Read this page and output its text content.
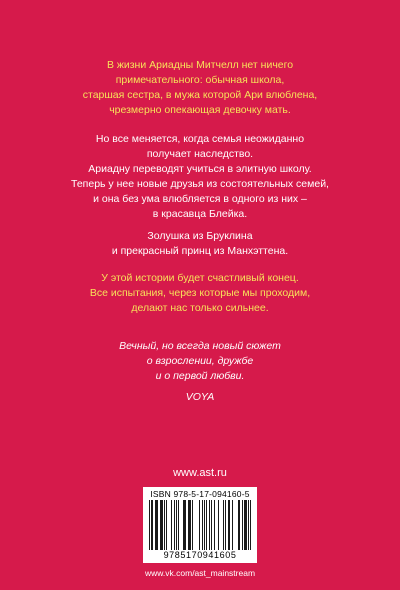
В жизни Ариадны Митчелл нет ничего
примечательного: обычная школа,
старшая сестра, в мужа которой Ари влюблена,
чрезмерно опекающая девочку мать.

Но все меняется, когда семья неожиданно
получает наследство.
Ариадну переводят учиться в элитную школу.
Теперь у нее новые друзья из состоятельных семей,
и она без ума влюбляется в одного из них –
в красавца Блейка.

Золушка из Бруклина
и прекрасный принц из Манхэттена.

У этой истории будет счастливый конец.
Все испытания, через которые мы проходим,
делают нас только сильнее.

Вечный, но всегда новый сюжет
о взрослении, дружбе
и о первой любви.

VOYA

www.ast.ru
ISBN 978-5-17-094160-5
9785170941605
www.vk.com/ast_mainstream
